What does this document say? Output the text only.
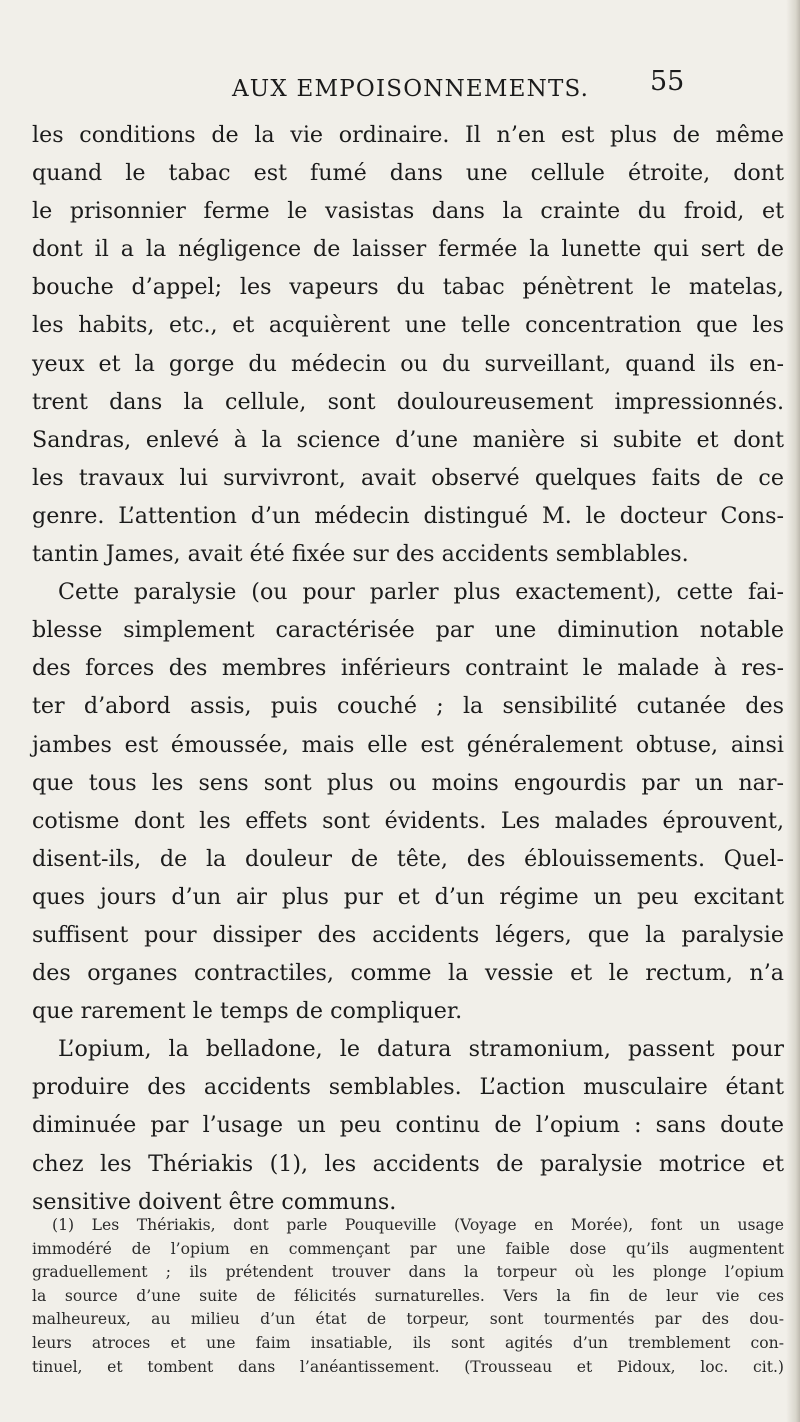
AUX EMPOISONNEMENTS. 55
les conditions de la vie ordinaire. Il n’en est plus de même
quand le tabac est fumé dans une cellule étroite, dont
le prisonnier ferme le vasistas dans la crainte du froid, et
dont il a la négligence de laisser fermée la lunette qui sert de
bouche d’appel; les vapeurs du tabac pénètrent le matelas,
les habits, etc., et acquièrent une telle concentration que les
yeux et la gorge du médecin ou du surveillant, quand ils en-
trent dans la cellule, sont douloureusement impressionnés.
Sandras, enlevé à la science d’une manière si subite et dont
les travaux lui survivront, avait observé quelques faits de ce
genre. L’attention d’un médecin distingué M. le docteur Cons-
tantin James, avait été fixée sur des accidents semblables.
Cette paralysie (ou pour parler plus exactement), cette fai-
blesse simplement caractérisée par une diminution notable
des forces des membres inférieurs contraint le malade à res-
ter d’abord assis, puis couché ; la sensibilité cutanée des
jambes est émoussée, mais elle est généralement obtuse, ainsi
que tous les sens sont plus ou moins engourdis par un nar-
cotisme dont les effets sont évidents. Les malades éprouvent,
disent-ils, de la douleur de tête, des éblouissements. Quel-
ques jours d’un air plus pur et d’un régime un peu excitant
suffisent pour dissiper des accidents légers, que la paralysie
des organes contractiles, comme la vessie et le rectum, n’a
que rarement le temps de compliquer.
L’opium, la belladone, le datura stramonium, passent pour
produire des accidents semblables. L’action musculaire étant
diminuée par l’usage un peu continu de l’opium : sans doute
chez les Thériakis (1), les accidents de paralysie motrice et
sensitive doivent être communs.
(1) Les Thériakis, dont parle Pouqueville (Voyage en Morée), font un usage
immodéré de l’opium en commençant par une faible dose qu’ils augmentent
graduellement ; ils prétendent trouver dans la torpeur où les plonge l’opium
la source d’une suite de félicités surnaturelles. Vers la fin de leur vie ces
malheureux, au milieu d’un état de torpeur, sont tourmentés par des dou-
leurs atroces et une faim insatiable, ils sont agités d’un tremblement con-
tinuel, et tombent dans l’anéantissement. (Trousseau et Pidoux, loc. cit.)
